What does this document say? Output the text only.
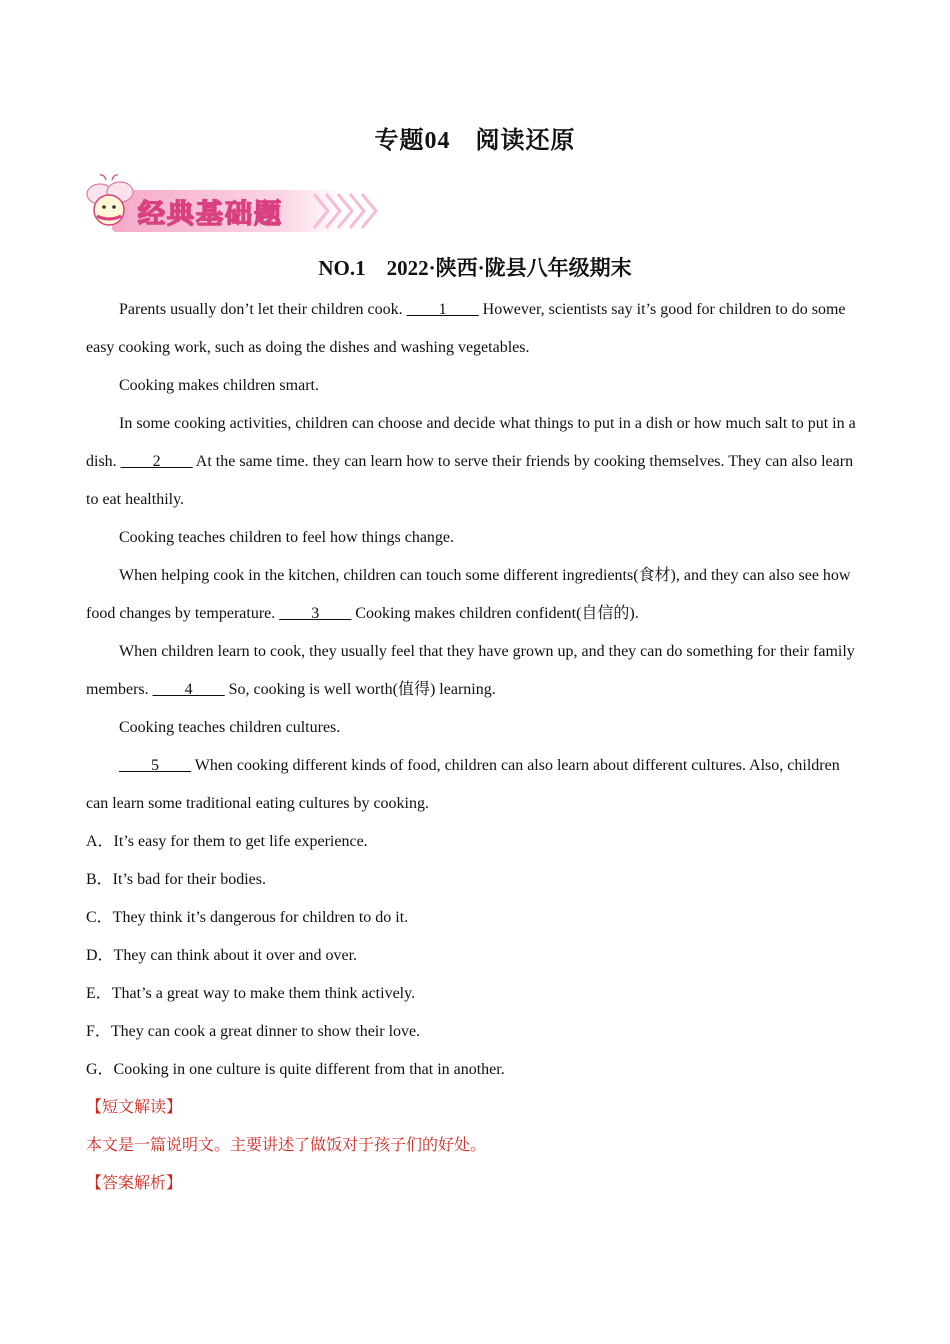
专题04　阅读还原
经典基础题
NO.1　2022·陕西·陇县八年级期末

Parents usually don’t let their children cook. ____1____ However, scientists say it’s good for children to do some easy cooking work, such as doing the dishes and washing vegetables.

Cooking makes children smart.

In some cooking activities, children can choose and decide what things to put in a dish or how much salt to put in a dish. ____2____ At the same time. they can learn how to serve their friends by cooking themselves. They can also learn to eat healthily.

Cooking teaches children to feel how things change.

When helping cook in the kitchen, children can touch some different ingredients(食材), and they can also see how food changes by temperature. ____3____ Cooking makes children confident(自信的).

When children learn to cook, they usually feel that they have grown up, and they can do something for their family members. ____4____ So, cooking is well worth(值得) learning.

Cooking teaches children cultures.

____5____ When cooking different kinds of food, children can also learn about different cultures. Also, children can learn some traditional eating cultures by cooking.

A．It’s easy for them to get life experience.

B．It’s bad for their bodies.

C．They think it’s dangerous for children to do it.

D．They can think about it over and over.

E．That’s a great way to make them think actively.

F．They can cook a great dinner to show their love.

G．Cooking in one culture is quite different from that in another.

【短文解读】

本文是一篇说明文。主要讲述了做饭对于孩子们的好处。

【答案解析】
